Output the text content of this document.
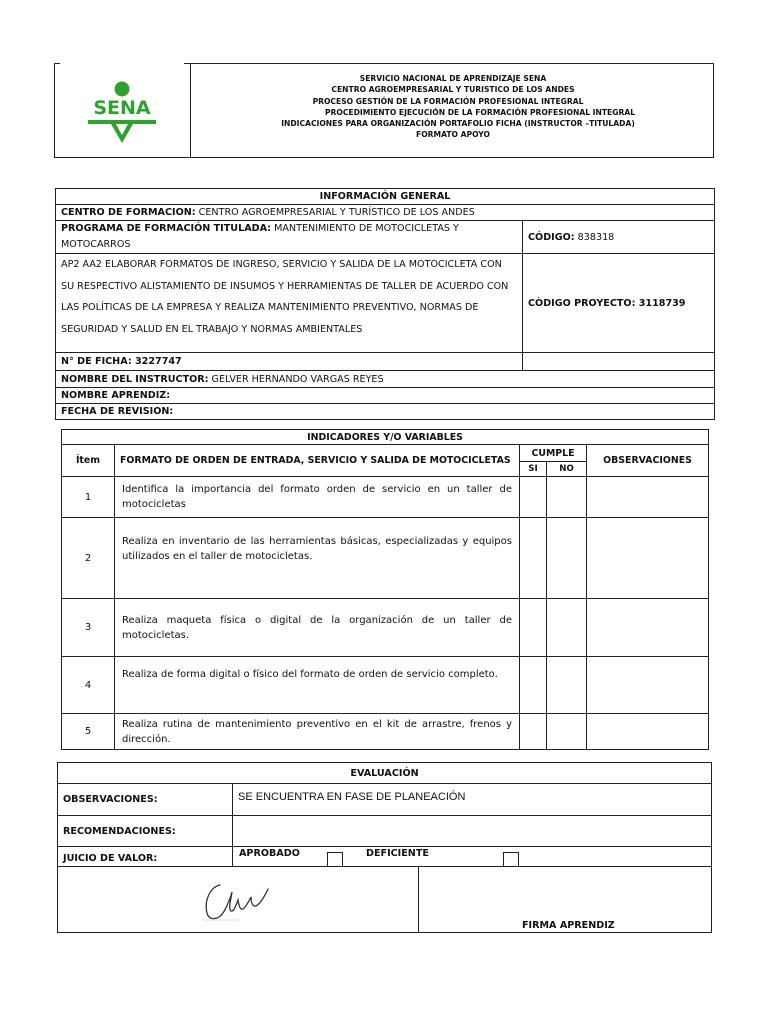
SENA
SERVICIO NACIONAL DE APRENDIZAJE SENA
CENTRO AGROEMPRESARIAL Y TURISTICO DE LOS ANDES
PROCESO GESTIÓN DE LA FORMACIÓN PROFESIONAL INTEGRAL
PROCEDIMIENTO EJECUCIÓN DE LA FORMACIÓN PROFESIONAL INTEGRAL
INDICACIONES PARA ORGANIZACIÓN PORTAFOLIO FICHA (INSTRUCTOR –TITULADA)
FORMATO APOYO
INFORMACIÓN GENERAL	
CENTRO DE FORMACION: CENTRO AGROEMPRESARIAL Y TURÍSTICO DE LOS ANDES	
PROGRAMA DE FORMACIÓN TITULADA: MANTENIMIENTO DE MOTOCICLETAS Y MOTOCARROS	CÓDIGO: 838318
AP2 AA2 ELABORAR FORMATOS DE INGRESO, SERVICIO Y SALIDA DE LA MOTOCICLETA CON SU RESPECTIVO ALISTAMIENTO DE INSUMOS Y HERRAMIENTAS DE TALLER DE ACUERDO CON LAS POLÍTICAS DE LA EMPRESA Y REALIZA MANTENIMIENTO PREVENTIVO, NORMAS DE SEGURIDAD Y SALUD EN EL TRABAJO Y NORMAS AMBIENTALES	CÒDIGO PROYECTO: 3118739
N° DE FICHA: 3227747	
NOMBRE DEL INSTRUCTOR: GELVER HERNANDO VARGAS REYES	
NOMBRE APRENDIZ:	
FECHA DE REVISION:	
INDICADORES Y/O VARIABLES				
Ítem	FORMATO DE ORDEN DE ENTRADA, SERVICIO Y SALIDA DE MOTOCICLETAS	CUMPLE		OBSERVACIONES
		SI	NO	
1	Identifica la importancia del formato orden de servicio en un taller de motocicletas			
2	Realiza en inventario de las herramientas básicas, especializadas y equipos utilizados en el taller de motocicletas.			
3	Realiza maqueta física o digital de la organización de un taller de motocicletas.			
4	Realiza de forma digital o físico del formato de orden de servicio completo.			
5	Realiza rutina de mantenimiento preventivo en el kit de arrastre, frenos y dirección.			
EVALUACIÓN		
OBSERVACIONES:	SE ENCUENTRA EN FASE DE PLANEACIÓN	
RECOMENDACIONES:		
JUICIO DE VALOR:	APROBADO DEFICIENTE	

FIRMA APRENDIZ
